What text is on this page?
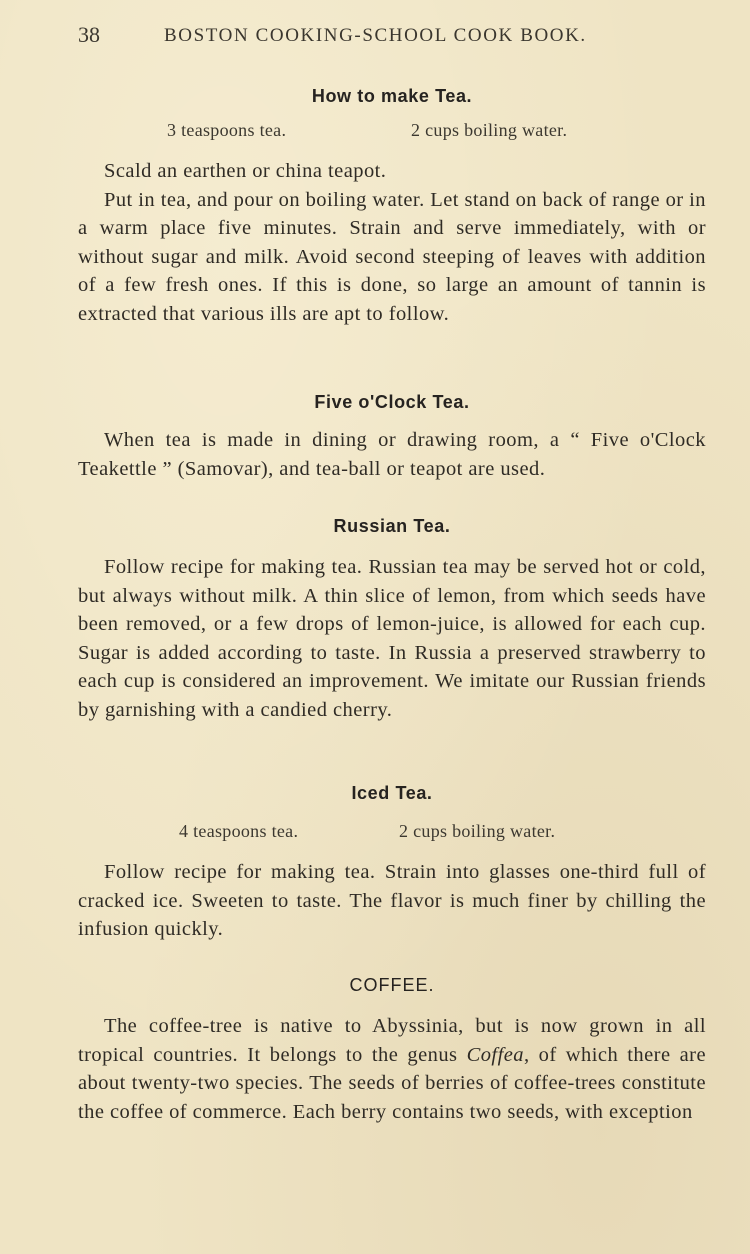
38	BOSTON COOKING-SCHOOL COOK BOOK.
How to make Tea.
3 teaspoons tea.	2 cups boiling water.

Scald an earthen or china teapot.

Put in tea, and pour on boiling water. Let stand on back of range or in a warm place five minutes. Strain and serve immediately, with or without sugar and milk. Avoid second steeping of leaves with addition of a few fresh ones. If this is done, so large an amount of tannin is extracted that various ills are apt to follow.

Five o'Clock Tea.

When tea is made in dining or drawing room, a “ Five o'Clock Teakettle ” (Samovar), and tea-ball or teapot are used.

Russian Tea.

Follow recipe for making tea. Russian tea may be served hot or cold, but always without milk. A thin slice of lemon, from which seeds have been removed, or a few drops of lemon-juice, is allowed for each cup. Sugar is added according to taste. In Russia a preserved strawberry to each cup is considered an improvement. We imitate our Russian friends by garnishing with a candied cherry.

Iced Tea.
4 teaspoons tea.	2 cups boiling water.

Follow recipe for making tea. Strain into glasses one-third full of cracked ice. Sweeten to taste. The flavor is much finer by chilling the infusion quickly.

COFFEE.

The coffee-tree is native to Abyssinia, but is now grown in all tropical countries. It belongs to the genus Coffea, of which there are about twenty-two species. The seeds of berries of coffee-trees constitute the coffee of commerce. Each berry contains two seeds, with exception
